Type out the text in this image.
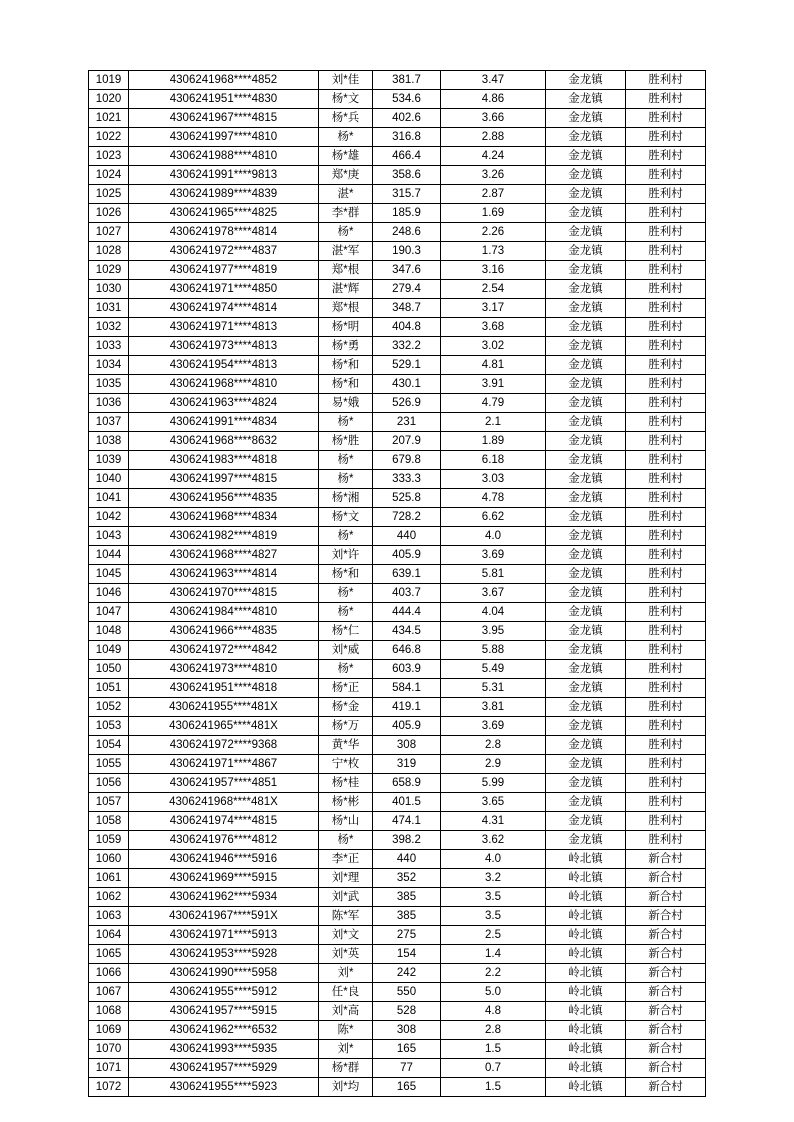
1019	4306241968****4852	刘*佳	381.7	3.47	金龙镇	胜利村
1020	4306241951****4830	杨*文	534.6	4.86	金龙镇	胜利村
1021	4306241967****4815	杨*兵	402.6	3.66	金龙镇	胜利村
1022	4306241997****4810	杨*	316.8	2.88	金龙镇	胜利村
1023	4306241988****4810	杨*雄	466.4	4.24	金龙镇	胜利村
1024	4306241991****9813	郑*庚	358.6	3.26	金龙镇	胜利村
1025	4306241989****4839	湛*	315.7	2.87	金龙镇	胜利村
1026	4306241965****4825	李*群	185.9	1.69	金龙镇	胜利村
1027	4306241978****4814	杨*	248.6	2.26	金龙镇	胜利村
1028	4306241972****4837	湛*军	190.3	1.73	金龙镇	胜利村
1029	4306241977****4819	郑*根	347.6	3.16	金龙镇	胜利村
1030	4306241971****4850	湛*辉	279.4	2.54	金龙镇	胜利村
1031	4306241974****4814	郑*根	348.7	3.17	金龙镇	胜利村
1032	4306241971****4813	杨*明	404.8	3.68	金龙镇	胜利村
1033	4306241973****4813	杨*勇	332.2	3.02	金龙镇	胜利村
1034	4306241954****4813	杨*和	529.1	4.81	金龙镇	胜利村
1035	4306241968****4810	杨*和	430.1	3.91	金龙镇	胜利村
1036	4306241963****4824	易*娥	526.9	4.79	金龙镇	胜利村
1037	4306241991****4834	杨*	231	2.1	金龙镇	胜利村
1038	4306241968****8632	杨*胜	207.9	1.89	金龙镇	胜利村
1039	4306241983****4818	杨*	679.8	6.18	金龙镇	胜利村
1040	4306241997****4815	杨*	333.3	3.03	金龙镇	胜利村
1041	4306241956****4835	杨*湘	525.8	4.78	金龙镇	胜利村
1042	4306241968****4834	杨*文	728.2	6.62	金龙镇	胜利村
1043	4306241982****4819	杨*	440	4.0	金龙镇	胜利村
1044	4306241968****4827	刘*许	405.9	3.69	金龙镇	胜利村
1045	4306241963****4814	杨*和	639.1	5.81	金龙镇	胜利村
1046	4306241970****4815	杨*	403.7	3.67	金龙镇	胜利村
1047	4306241984****4810	杨*	444.4	4.04	金龙镇	胜利村
1048	4306241966****4835	杨*仁	434.5	3.95	金龙镇	胜利村
1049	4306241972****4842	刘*威	646.8	5.88	金龙镇	胜利村
1050	4306241973****4810	杨*	603.9	5.49	金龙镇	胜利村
1051	4306241951****4818	杨*正	584.1	5.31	金龙镇	胜利村
1052	4306241955****481X	杨*金	419.1	3.81	金龙镇	胜利村
1053	4306241965****481X	杨*万	405.9	3.69	金龙镇	胜利村
1054	4306241972****9368	黄*华	308	2.8	金龙镇	胜利村
1055	4306241971****4867	宁*枚	319	2.9	金龙镇	胜利村
1056	4306241957****4851	杨*桂	658.9	5.99	金龙镇	胜利村
1057	4306241968****481X	杨*彬	401.5	3.65	金龙镇	胜利村
1058	4306241974****4815	杨*山	474.1	4.31	金龙镇	胜利村
1059	4306241976****4812	杨*	398.2	3.62	金龙镇	胜利村
1060	4306241946****5916	李*正	440	4.0	岭北镇	新合村
1061	4306241969****5915	刘*理	352	3.2	岭北镇	新合村
1062	4306241962****5934	刘*武	385	3.5	岭北镇	新合村
1063	4306241967****591X	陈*军	385	3.5	岭北镇	新合村
1064	4306241971****5913	刘*文	275	2.5	岭北镇	新合村
1065	4306241953****5928	刘*英	154	1.4	岭北镇	新合村
1066	4306241990****5958	刘*	242	2.2	岭北镇	新合村
1067	4306241955****5912	任*良	550	5.0	岭北镇	新合村
1068	4306241957****5915	刘*高	528	4.8	岭北镇	新合村
1069	4306241962****6532	陈*	308	2.8	岭北镇	新合村
1070	4306241993****5935	刘*	165	1.5	岭北镇	新合村
1071	4306241957****5929	杨*群	77	0.7	岭北镇	新合村
1072	4306241955****5923	刘*均	165	1.5	岭北镇	新合村
